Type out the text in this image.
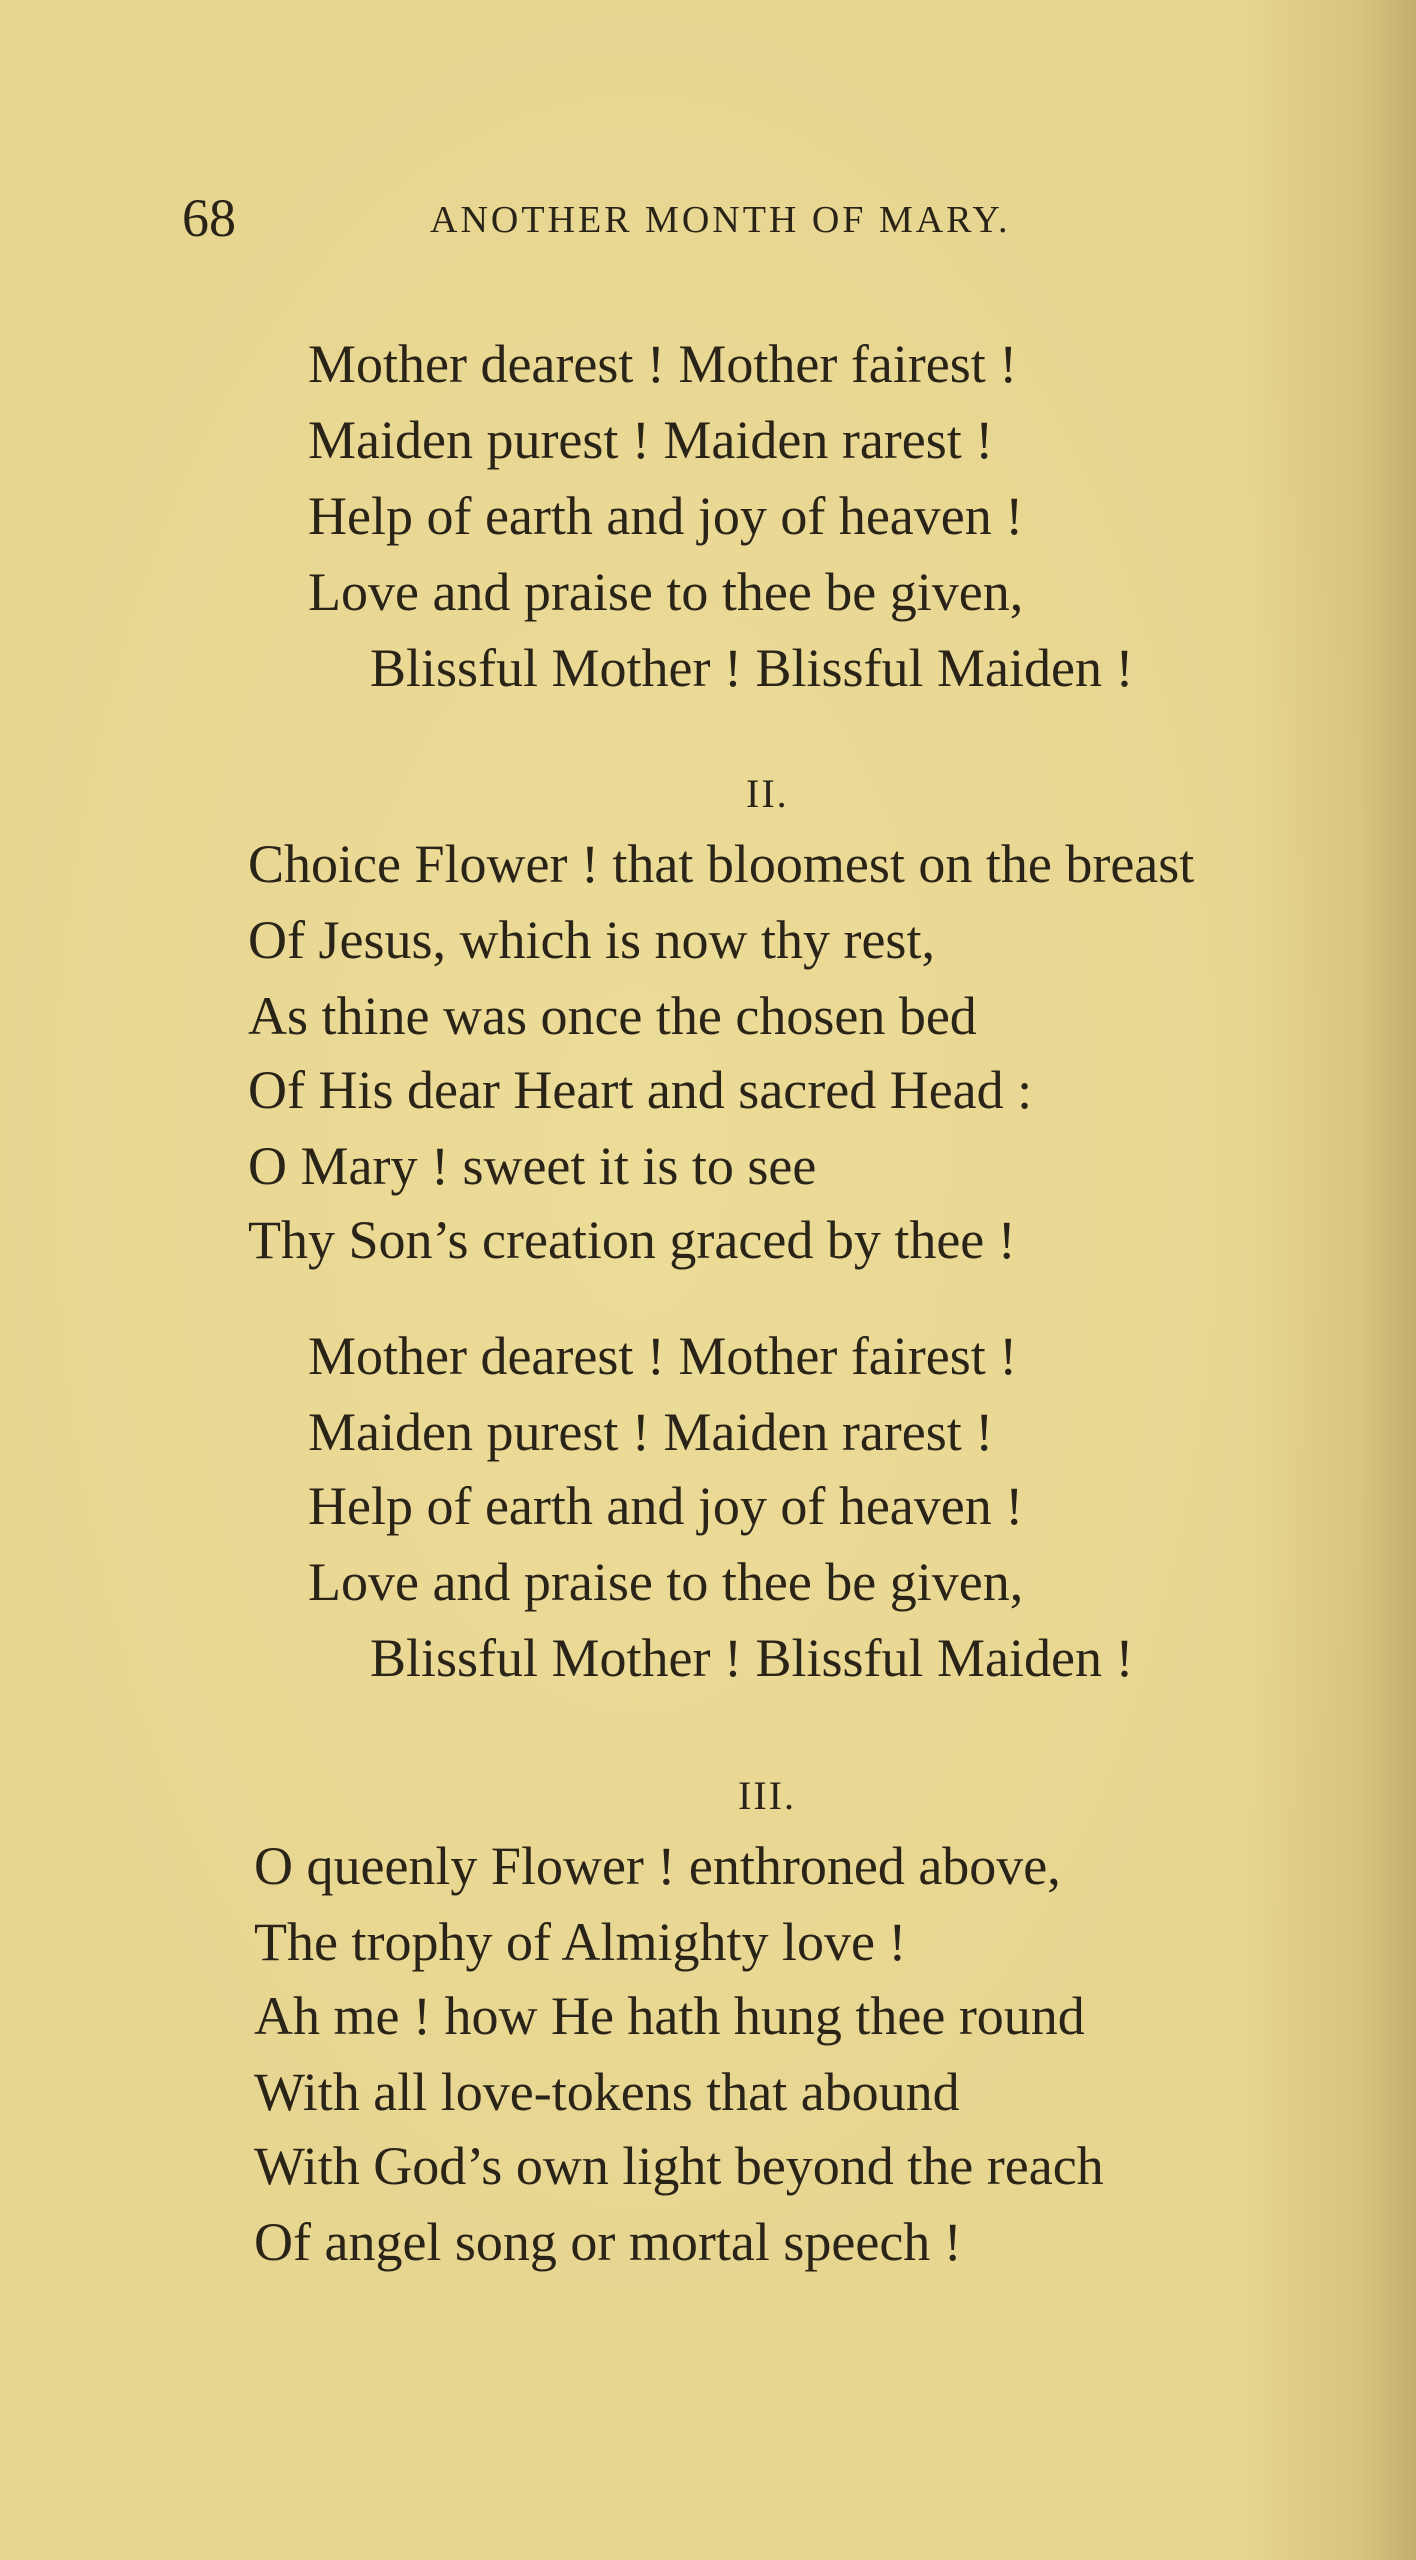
68	ANOTHER MONTH OF MARY.
Mother dearest ! Mother fairest !
Maiden purest ! Maiden rarest !
Help of earth and joy of heaven !
Love and praise to thee be given,
Blissful Mother ! Blissful Maiden !
II.
Choice Flower ! that bloomest on the breast
Of Jesus, which is now thy rest,
As thine was once the chosen bed
Of His dear Heart and sacred Head :
O Mary ! sweet it is to see
Thy Son’s creation graced by thee !
Mother dearest ! Mother fairest !
Maiden purest ! Maiden rarest !
Help of earth and joy of heaven !
Love and praise to thee be given,
Blissful Mother ! Blissful Maiden !
III.
O queenly Flower ! enthroned above,
The trophy of Almighty love !
Ah me ! how He hath hung thee round
With all love-tokens that abound
With God’s own light beyond the reach
Of angel song or mortal speech !
